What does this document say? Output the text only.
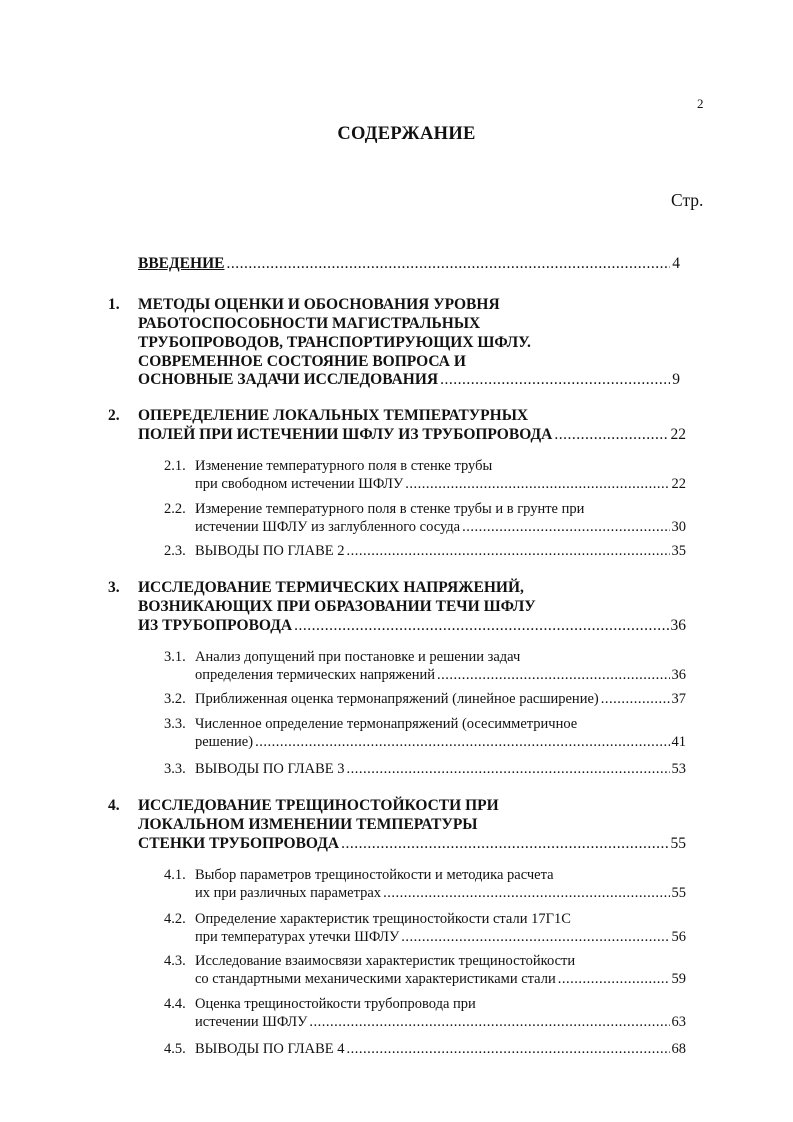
2
СОДЕРЖАНИЕ
Стр.
ВВЕДЕНИЕ .....	4
1. МЕТОДЫ ОЦЕНКИ И ОБОСНОВАНИЯ УРОВНЯ
РАБОТОСПОСОБНОСТИ МАГИСТРАЛЬНЫХ
ТРУБОПРОВОДОВ, ТРАНСПОРТИРУЮЩИХ ШФЛУ.
СОВРЕМЕННОЕ СОСТОЯНИЕ ВОПРОСА И
ОСНОВНЫЕ ЗАДАЧИ ИССЛЕДОВАНИЯ .....	9
2. ОПЕРЕДЕЛЕНИЕ ЛОКАЛЬНЫХ ТЕМПЕРАТУРНЫХ
ПОЛЕЙ ПРИ ИСТЕЧЕНИИ ШФЛУ ИЗ ТРУБОПРОВОДА .....	22
2.1. Изменение температурного поля в стенке трубы
при свободном истечении ШФЛУ .....	22
2.2. Измерение температурного поля в стенке трубы и в грунте при
истечении ШФЛУ из заглубленного сосуда .....	30
2.3. ВЫВОДЫ ПО ГЛАВЕ 2 .....	35
3. ИССЛЕДОВАНИЕ ТЕРМИЧЕСКИХ НАПРЯЖЕНИЙ,
ВОЗНИКАЮЩИХ ПРИ ОБРАЗОВАНИИ ТЕЧИ ШФЛУ
ИЗ ТРУБОПРОВОДА .....	36
3.1. Анализ допущений при постановке и решении задач
определения термических напряжений .....	36
3.2. Приближенная оценка термонапряжений (линейное расширение) .....	37
3.3. Численное определение термонапряжений (осесимметричное
решение) .....	41
3.3. ВЫВОДЫ ПО ГЛАВЕ 3 .....	53
4. ИССЛЕДОВАНИЕ ТРЕЩИНОСТОЙКОСТИ ПРИ
ЛОКАЛЬНОМ ИЗМЕНЕНИИ ТЕМПЕРАТУРЫ
СТЕНКИ ТРУБОПРОВОДА .....	55
4.1. Выбор параметров трещиностойкости и методика расчета
их при различных параметрах .....	55
4.2. Определение характеристик трещиностойкости стали 17Г1С
при температурах утечки ШФЛУ .....	56
4.3. Исследование взаимосвязи характеристик трещиностойкости
со стандартными механическими характеристиками стали .....	59
4.4. Оценка трещиностойкости трубопровода при
истечении ШФЛУ .....	63
4.5. ВЫВОДЫ ПО ГЛАВЕ 4 .....	68
